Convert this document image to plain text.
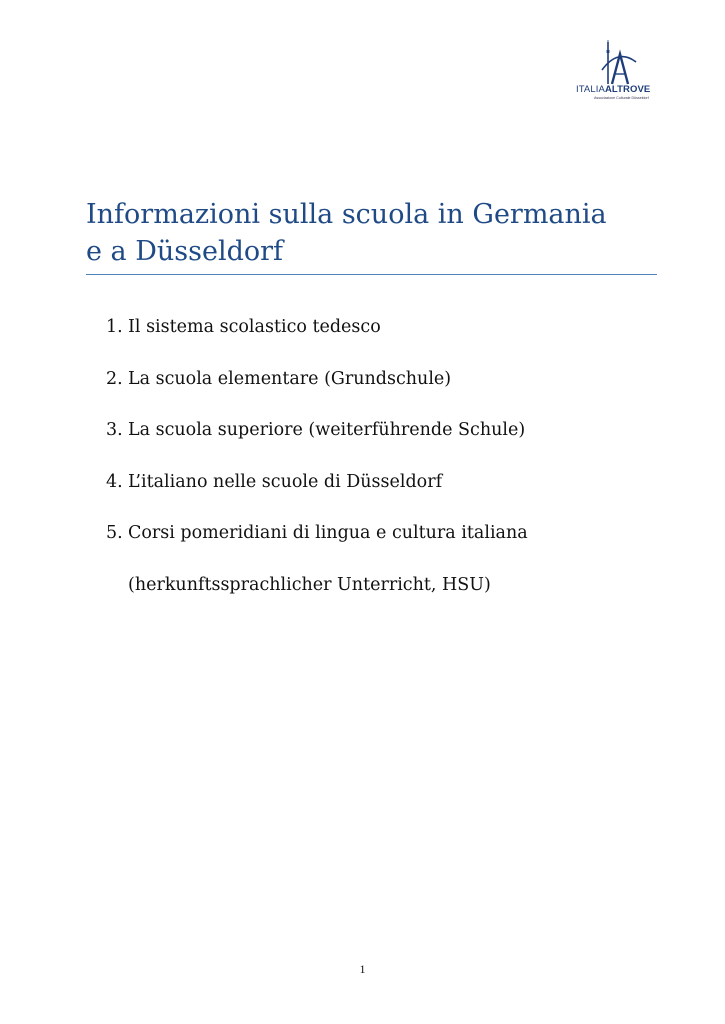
ITALIAALTROVE
Associazione Culturale Düsseldorf
Informazioni sulla scuola in Germania
e a Düsseldorf
1. Il sistema scolastico tedesco
2. La scuola elementare (Grundschule)
3. La scuola superiore (weiterführende Schule)
4. L’italiano nelle scuole di Düsseldorf
5. Corsi pomeridiani di lingua e cultura italiana
(herkunftssprachlicher Unterricht, HSU)
1
